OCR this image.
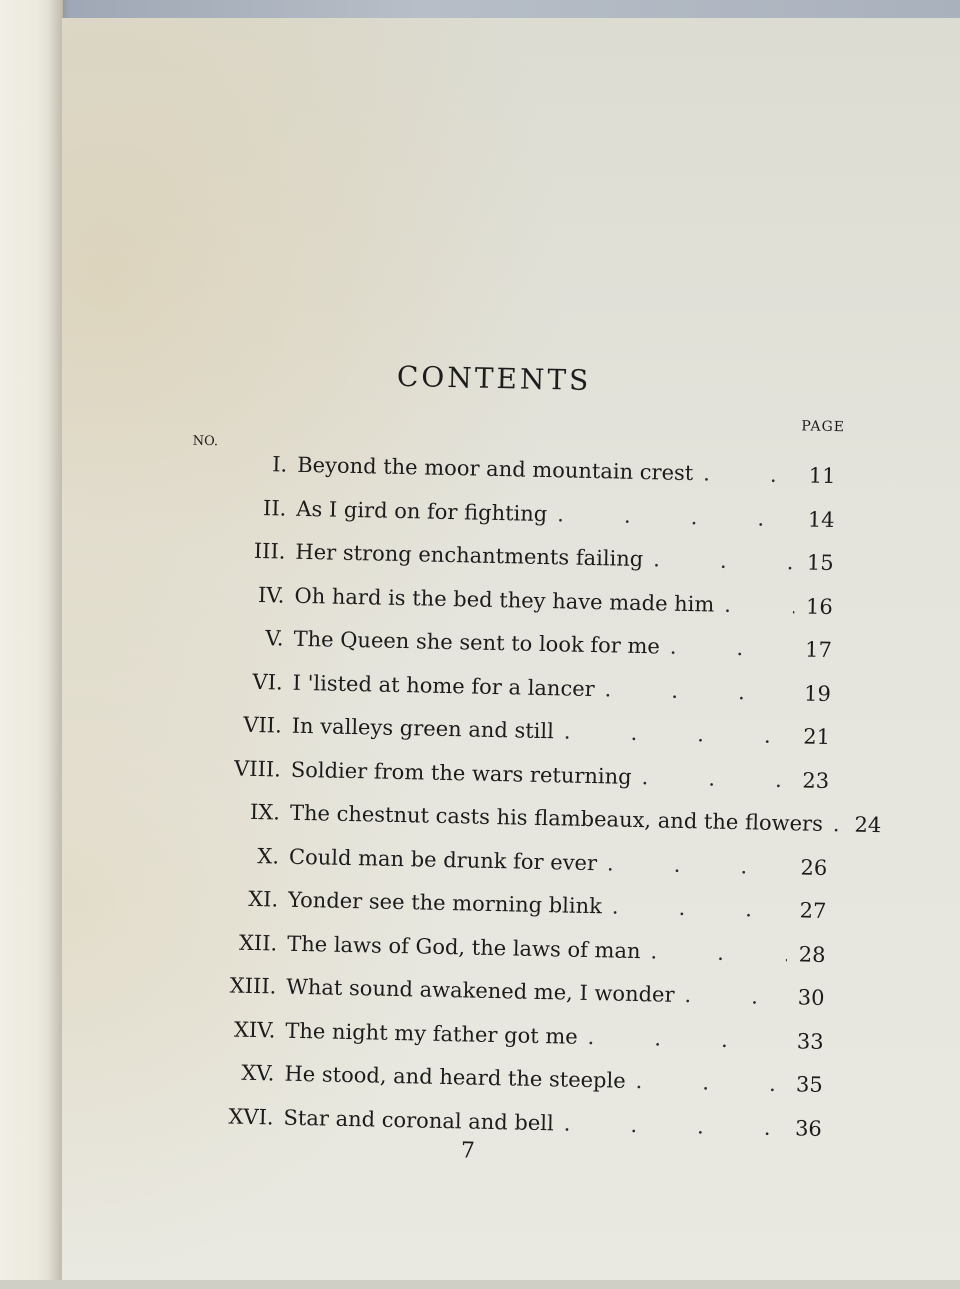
CONTENTS
PAGE
NO.
I. Beyond the moor and mountain crest .	11
II. As I gird on for fighting .	14
III. Her strong enchantments failing .	15
IV. Oh hard is the bed they have made him .	16
V. The Queen she sent to look for me .	17
VI. I 'listed at home for a lancer .	19
VII. In valleys green and still .	21
VIII. Soldier from the wars returning .	23
IX. The chestnut casts his flambeaux, and the flowers .	24
X. Could man be drunk for ever .	26
XI. Yonder see the morning blink .	27
XII. The laws of God, the laws of man .	28
XIII. What sound awakened me, I wonder .	30
XIV. The night my father got me .	33
XV. He stood, and heard the steeple .	35
XVI. Star and coronal and bell .	36
7
